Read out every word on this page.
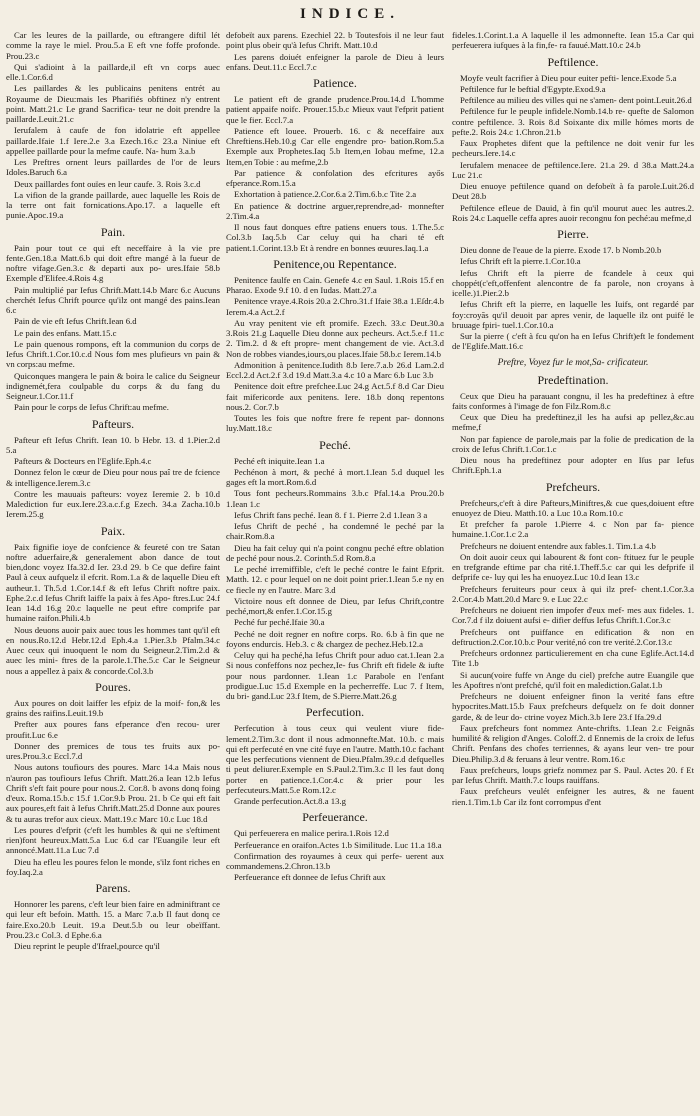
INDICE.

Car les leures de la paillarde, ou eftrangere diftil lét comme la raye le miel. Prou.5.a E eft vne foffe profonde. Prou.23.c

Qui s'adioint à la paillarde,il eft vn corps auec elle.1.Cor.6.d

Les paillardes & les publicains penitens entrét au Royaume de Dieu:mais les Pharifiés obftinez n'y entrent point. Matt.21.c Le grand Sacrifica- teur ne doit prendre la paillarde.Leuit.21.c

Ierufalem à caufe de fon idolatrie eft appellee paillarde.Ifaie 1.f Iere.2.e 3.a Ezech.16.c 23.a Niniue eft appellee paillarde pour la mefme caufe. Na- hum 3.a.b

Les Preftres ornent leurs paillardes de l'or de leurs Idoles.Baruch 6.a

Deux paillardes font ouïes en leur caufe. 3. Rois 3.c.d

La vifion de la grande paillarde, auec laquelle les Rois de la terre ont fait fornications.Apo.17. a laquelle eft punie.Apoc.19.a

Pain.

Pain pour tout ce qui eft neceffaire à la vie pre fente.Gen.18.a Matt.6.b qui doit eftre mangé à la fueur de noftre vifage.Gen.3.c & departi aux po- ures.Ifaie 58.b Exemple d'Elifee.4.Rois 4.g

Pain multiplié par Iefus Chrift.Matt.14.b Marc 6.c Aucuns cherchét Iefus Chrift pource qu'ilz ont mangé des pains.Iean 6.c

Pain de vie eft Iefus Chrift.Iean 6.d

Le pain des enfans. Matt.15.c

Le pain quenous rompons, eft la communion du corps de Iefus Chrift.1.Cor.10.c.d Nous fom mes plufieurs vn pain & vn corps:au mefme.

Quiconques mangera le pain & boira le calice du Seigneur indignemét,fera coulpable du corps & du fang du Seigneur.1.Cor.11.f

Pain pour le corps de Iefus Chrift:au mefme.

Pafteurs.

Pafteur eft Iefus Chrift. Iean 10. b Hebr. 13. d 1.Pier.2.d 5.a

Pafteurs & Docteurs en l'Eglife.Eph.4.c

Donnez felon le cœur de Dieu pour nous paî tre de fcience & intelligence.Ierem.3.c

Contre les mauuais pafteurs: voyez Ieremie 2. b 10.d Malediction fur eux.Iere.23.a.c.f.g Ezech. 34.a Zacha.10.b Ierem.25.g

Paix.

Paix fignifie ioye de confcience & feureté con tre Satan noftre aduerfaire,& generalement abon dance de tout bien,donc voyez Ifa.32.d Ier. 23.d 29. b Ce que defire faint Paul à ceux aufquelz il efcrit. Rom.1.a & de laquelle Dieu eft autheur.1. Th.5.d 1.Cor.14.f & eft Iefus Chrift noftre paix. Ephe.2.c.d Iefus Chrift laiffe la paix à fes Apo- ftres.Luc 24.f Iean 14.d 16.g 20.c laquelle ne peut eftre comprife par humaine raifon.Phili.4.b

Nous deuons auoir paix auec tous les hommes tant qu'il eft en nous.Ro.12.d Hebr.12.d Eph.4.a 1.Pier.3.b Pfalm.34.c Auec ceux qui inuoquent le nom du Seigneur.2.Tim.2.d & auec les mini- ftres de la parole.1.The.5.c Car le Seigneur nous a appellez à paix & concorde.Col.3.b

Poures.

Aux poures on doit laiffer les efpiz de la moif- fon,& les grains des raifins.Leuit.19.b

Prefter aux poures fans efperance d'en recou- urer proufit.Luc 6.e

Donner des premices de tous tes fruits aux po- ures.Prou.3.c Eccl.7.d

Nous autons toufiours des poures. Marc 14.a Mais nous n'auron pas toufiours Iefus Chrift. Matt.26.a Iean 12.b Iefus Chrift s'eft fait poure pour nous.2. Cor.8. b avons donq foing d'eux. Roma.15.b.c 15.f 1.Cor.9.b Prou. 21. b Ce qui eft fait aux poures,eft fait à Iefus Chrift.Matt.25.d Donne aux poures & tu auras trefor aux cieux. Matt.19.c Marc 10.c Luc 18.d

Les poures d'efprit (c'eft les humbles & qui ne s'eftiment rien)font heureux.Matt.5.a Luc 6.d car l'Euangile leur eft annoncé.Matt.11.a Luc 7.d

Dieu ha efleu les poures felon le monde, s'ilz font riches en foy.Iaq.2.a

Parens.

Honnorer les parens, c'eft leur bien faire en adminiftrant ce qui leur eft befoin. Matth. 15. a Marc 7.a.b Il faut donq ce faire.Exo.20.b Leuit. 19.a Deut.5.b ou leur obeïffant. Prou.23.c Col.3. d Ephe.6.a

Dieu reprint le peuple d'Ifrael,pource qu'il

defobeït aux parens. Ezechiel 22. b Toutesfois il ne leur faut point plus obeir qu'à Iefus Chrift. Matt.10.d

Les parens doiuét enfeigner la parole de Dieu à leurs enfans. Deut.11.c Eccl.7.c

Patience.

Le patient eft de grande prudence.Prou.14.d L'homme patient appaife noifc. Prouer.15.b.c Mieux vaut l'efprit patient que le fier. Eccl.7.a

Patience eft louee. Prouerb. 16. c & neceffaire aux Chreftiens.Heb.10.g Car elle engendre pro- bation.Rom.5.a Exemple aux Prophetes.Iaq 5.b Item,en Iobau mefme, 12.a Item,en Tobie : au mefme,2.b

Par patience & confolation des efcritures ayős efperance.Rom.15.a

Exhortation à patience.2.Cor.6.a 2.Tim.6.b.c Tite 2.a

En patience & doctrine arguer,reprendre,ad- monnefter 2.Tim.4.a

Il nous faut donques eftre patiens enuers tous. 1.The.5.c Col.3.b Iaq.5.b Car celuy qui ha chari té eft patient.1.Corint.13.b Et à rendre en bonnes œuures.Iaq.1.a

Penitence,ou Repentance.

Penitence faulfe en Cain. Genefe 4.c en Saul. 1.Rois 15.f en Pharao. Exode 9.f 10. d en Iudas. Matt.27.a

Penitence vraye.4.Rois 20.a 2.Chro.31.f Ifaie 38.a 1.Eſdr.4.b Ierem.4.a Act.2.f

Au vray penitent vie eft promife. Ezech. 33.c Deut.30.a 3.Rois 21.g Laquelle Dieu donne aux pecheurs. Act.5.e.f 11.c 2. Tim.2. d & eft propre- ment changement de vie. Act.3.d Non de robbes viandes,iours,ou places.Ifaie 58.b.c Ierem.14.b

Admonition à penitence.Iudith 8.b Iere.7.a.b 26.d Lam.2.d Eccl.2.d Act.2.f 3.d 19.d Matt.3.a 4.c 10 a Marc 6.b Luc 3.b

Penitence doit eftre prefchee.Luc 24.g Act.5.f 8.d Car Dieu fait mifericorde aux penitens. Iere. 18.b donq repentons nous.2. Cor.7.b

Toutes les fois que noftre frere fe repent par- donnons luy.Matt.18.c

Peché.

Peché eft iniquite.Iean 1.a

Pechénon à mort, & peché à mort.1.Iean 5.d duquel les gages eft la mort.Rom.6.d

Tous font pecheurs.Rommains 3.b.c Pfal.14.a Prou.20.b 1.Iean 1.c

Iefus Chrift fans peché. Iean 8. f 1. Pierre 2.d 1.Iean 3 a

Iefus Chrift de peché , ha condemné le peché par la chair.Rom.8.a

Dieu ha fait celuy qui n'a point congnu peché eftre oblation de peché pour nous.2. Corinth.5.d Rom.8.a

Le peché irremiffible, c'eft le peché contre le faint Efprit. Matth. 12. c pour lequel on ne doit point prier.1.Iean 5.e ny en ce fiecle ny en l'autre. Marc 3.d

Victoire nous eft donnee de Dieu, par Iefus Chrift,contre peché,mort,& enfer.1.Cor.15.g

Peché fur peché.Ifaie 30.a

Peché ne doit regner en noftre corps. Ro. 6.b à fin que ne foyons endurcis. Heb.3. c & chargez de pechez.Heb.12.a

Celuy qui ha peché,ha Iefus Chrift pour aduo cat.1.Iean 2.a Si nous confeffons noz pechez,Ie- fus Chrift eft fidele & iufte pour nous pardonner. 1.Iean 1.c Parabole en l'enfant prodigue.Luc 15.d Exemple en la pecherreffe. Luc 7. f Item, du bri- gand.Luc 23.f Item, de S.Pierre.Matt.26.g

Perfecution.

Perfecution à tous ceux qui veulent viure fide- lement.2.Tim.3.c dont il nous admonnefte.Mat. 10.b. c mais qui eft perfecuté en vne cité fuye en l'autre. Matth.10.c fachant que les perfecutions viennent de Dieu.Pfalm.39.c.d defquelles ti peut deliurer.Exemple en S.Paul.2.Tim.3.c Il les faut donq porter en patience.1.Cor.4.c & prier pour les perfecuteurs.Matt.5.e Rom.12.c

Grande perfecution.Act.8.a 13.g

Perfeuerance.

Qui perfeuerera en malice perira.1.Rois 12.d

Perfeuerance en oraifon.Actes 1.b Similitude. Luc 11.a 18.a

Confirmation des royaumes à ceux qui perfe- uerent aux commandemens.2.Chron.13.b

Perfeuerance eft donnee de Iefus Chrift aux

fideles.1.Corint.1.a A laquelle il les admonnefte. Iean 15.a Car qui perfeuerera iufques à la fin,fe- ra fauué.Matt.10.c 24.b

Peftilence.

Moyfe veult facrifier à Dieu pour euiter pefti- lence.Exode 5.a

Peftilence fur le beftial d'Egypte.Exod.9.a

Peftilence au milieu des villes qui ne s'amen- dent point.Leuit.26.d

Peftilence fur le peuple infidele.Nomb.14.b re- quefte de Salomon contre peftilence. 3. Rois 8.d Soixante dix mille hómes morts de pefte.2. Rois 24.c 1.Chron.21.b

Faux Prophetes difent que la peftilence ne doit venir fur les pecheurs.Iere.14.c

Ierufalem menacee de peftilence.Iere. 21.a 29. d 38.a Matt.24.a Luc 21.c

Dieu enuoye peftilence quand on defobeït à fa parole.Luit.26.d Deut 28.b

Peftilence efleue de Dauid, à fin qu'il mourut auec les autres.2. Rois 24.c Laquelle ceffa apres auoir recongnu fon peché:au mefme,d

Pierre.

Dieu donne de l'eaue de la pierre. Exode 17. b Nomb.20.b

Iefus Chrift eft la pierre.1.Cor.10.a

Iefus Chrift eft la pierre de fcandele à ceux qui choppét(c'eft,offenfent alencontre de fa parole, non croyans à icelle.)1.Pier.2.b

Iefus Chrift eft la pierre, en laquelle les Iuifs, ont regardé par foy:croyās qu'il deuoit par apres venir, de laquelle ilz ont puifé le bruuage fpiri- tuel.1.Cor.10.a

Sur la pierre ( c'eft à fcu qu'on ha en Iefus Chrift)eft le fondement de l'Eglife.Matt.16.c

Preftre, Voyez fur le mot,Sa- crificateur.
Predeftination.

Ceux que Dieu ha parauant congnu, il les ha predeftinez à eftre faits conformes à l'image de fon Filz.Rom.8.c

Ceux que Dieu ha predeftinez,il les ha aufsi ap pellez,&c.au mefme,f

Non par fapience de parole,mais par la folie de predication de la croix de Iefus Chrift.1.Cor.1.c

Dieu nous ha predeftinez pour adopter en Iſus par Iefus Chrift.Eph.1.a

Prefcheurs.

Prefcheurs,c'eft à dire Pafteurs,Miniftres,& cue ques,doiuent eftre enuoyez de Dieu. Matth.10. a Luc 10.a Rom.10.c

Et prefcher fa parole 1.Pierre 4. c Non par fa- pience humaine.1.Cor.1.c 2.a

Prefcheurs ne doiuent entendre aux fables.1. Tim.1.a 4.b

On doit auoir ceux qui labourent & font con- ftituez fur le peuple en trefgrande eftime par cha rité.1.Theff.5.c car qui les defprife il defprife ce- luy qui les ha enuoyez.Luc 10.d Iean 13.c

Prefcheurs feruiteurs pour ceux à qui ilz pref- chent.1.Cor.3.a 2.Cor.4.b Matt.20.d Marc 9. e Luc 22.c

Prefcheurs ne doiuent rien impofer d'eux mef- mes aux fideles. 1. Cor.7.d f ilz doiuent aufsi e- difier deffus Iefus Chrift.1.Cor.3.c

Prefcheurs ont puiffance en edification & non en deftruction.2.Cor.10.b.c Pour verité,nó con tre verité.2.Cor.13.c

Prefcheurs ordonnez particulierement en cha cune Eglife.Act.14.d Tite 1.b

Si aucun(voire fuffe vn Ange du ciel) prefche autre Euangile que les Apoftres n'ont prefché, qu'il foit en malediction.Galat.1.b

Prefcheurs ne doiuent enfeigner finon la verité fans eftre hypocrites.Matt.15.b Faux prefcheurs defquelz on fe doit donner garde, & de leur do- ctrine voyez Mich.3.b Iere 23.f Ifa.29.d

Faux prefcheurs font nommez Ante-chrifts. 1.Iean 2.c Feignās humilité & religion d'Anges. Coloff.2. d Ennemis de la croix de Iefus Chrift. Penfans des chofes terriennes, & ayans leur ven- tre pour Dieu.Philip.3.d & feruans à leur ventre. Rom.16.c

Faux prefcheurs, loups griefz nommez par S. Paul. Actes 20. f Et par Iefus Chrift. Matth.7.c loups rauiffans.

Faux prefcheurs veulét enfeigner les autres, & ne fauent rien.1.Tim.1.b Car ilz font corrompus d'ent
